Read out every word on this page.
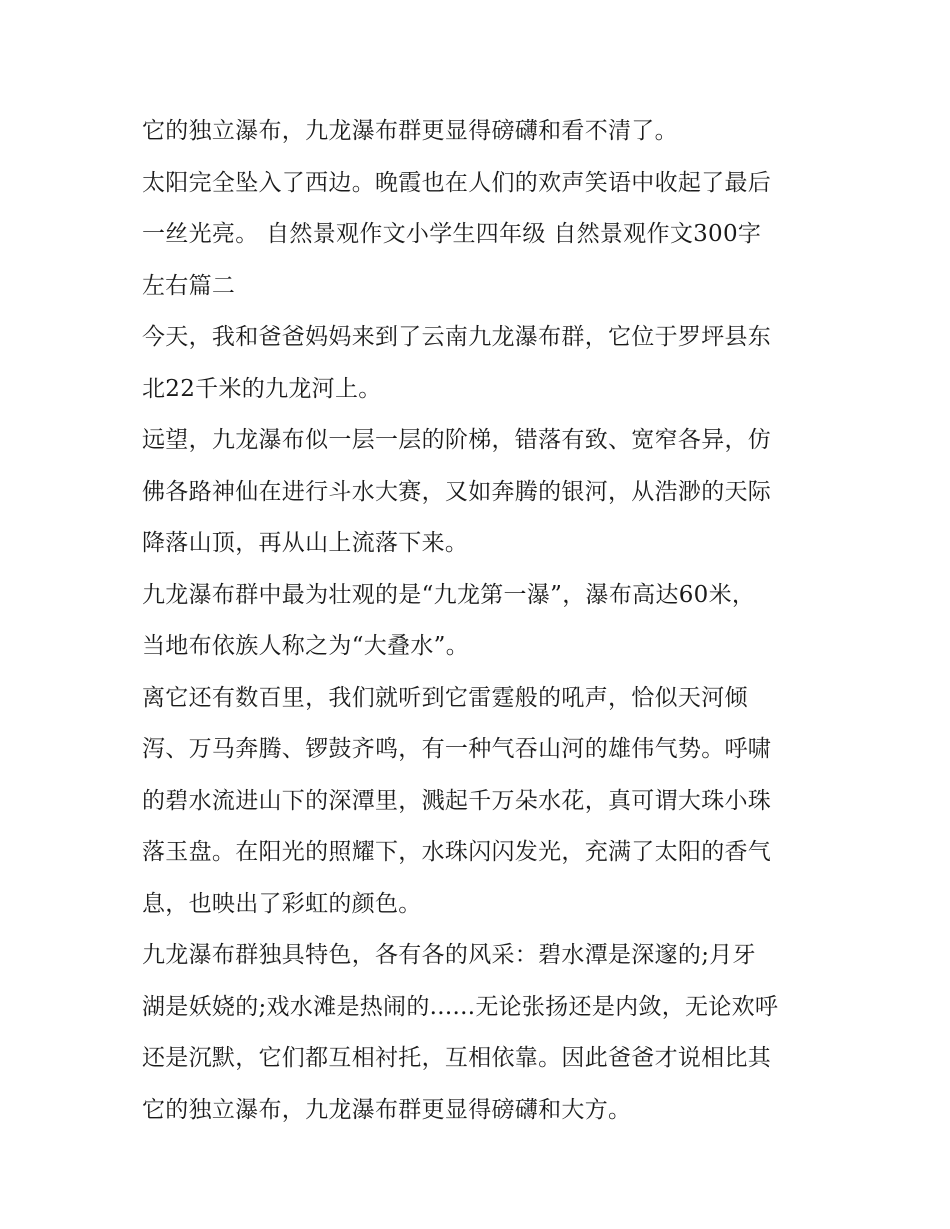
它的独立瀑布，九龙瀑布群更显得磅礴和看不清了。
太阳完全坠入了西边。晚霞也在人们的欢声笑语中收起了最后
一丝光亮。 自然景观作文小学生四年级 自然景观作文300字
左右篇二
今天，我和爸爸妈妈来到了云南九龙瀑布群，它位于罗坪县东
北22千米的九龙河上。
远望，九龙瀑布似一层一层的阶梯，错落有致、宽窄各异，仿
佛各路神仙在进行斗水大赛，又如奔腾的银河，从浩渺的天际
降落山顶，再从山上流落下来。
九龙瀑布群中最为壮观的是“九龙第一瀑”，瀑布高达60米，
当地布依族人称之为“大叠水”。
离它还有数百里，我们就听到它雷霆般的吼声，恰似天河倾
泻、万马奔腾、锣鼓齐鸣，有一种气吞山河的雄伟气势。呼啸
的碧水流进山下的深潭里，溅起千万朵水花，真可谓大珠小珠
落玉盘。在阳光的照耀下，水珠闪闪发光，充满了太阳的香气
息，也映出了彩虹的颜色。
九龙瀑布群独具特色，各有各的风采：碧水潭是深邃的;月牙
湖是妖娆的;戏水滩是热闹的......无论张扬还是内敛，无论欢呼
还是沉默，它们都互相衬托，互相依靠。因此爸爸才说相比其
它的独立瀑布，九龙瀑布群更显得磅礴和大方。
